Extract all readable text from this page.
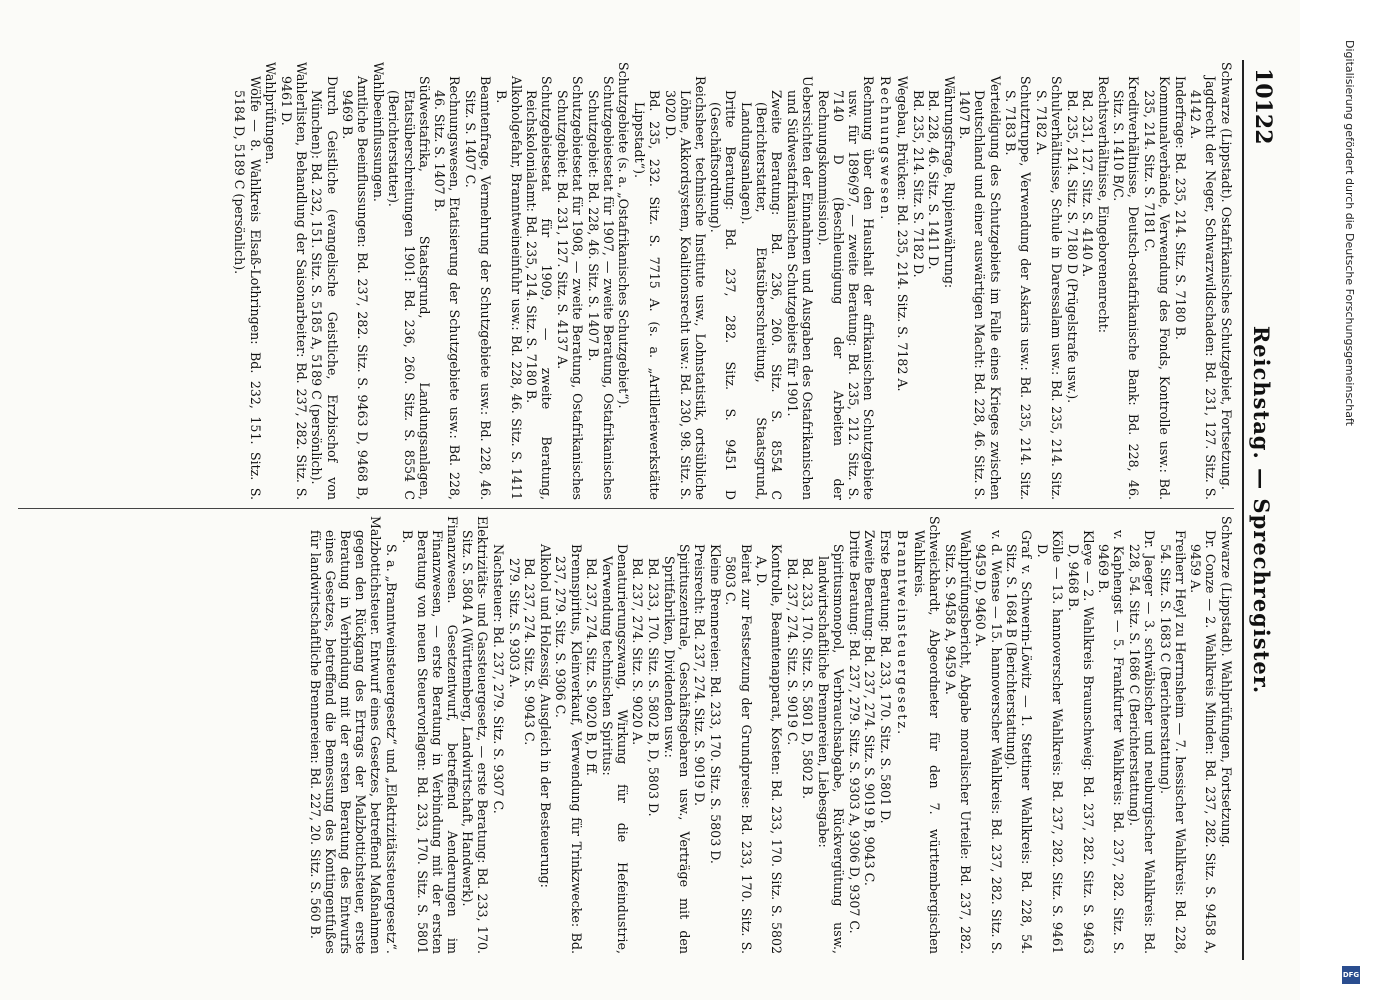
10122
Reichstag. — Sprechregister.
Schwarze (Lippstadt). Ostafrikanisches Schutzgebiet, Fortsetzung.
Jagdrecht der Neger, Schwarzwildschaden: Bd. 231, 127. Sitz. S. 4142 A.
Inderfrage: Bd. 235, 214. Sitz. S. 7180 B.
Kommunalverbände, Verwendung des Fonds, Kontrolle usw.: Bd. 235, 214. Sitz. S. 7181 C.
Kreditverhältnisse, Deutsch-ostafrikanische Bank: Bd. 228, 46. Sitz. S. 1410 B/C.
Rechtsverhältnisse, Eingeborenenrecht:
Bd. 231, 127. Sitz. S. 4140 A.
Bd. 235, 214. Sitz. S. 7180 D (Prügelstrafe usw.).
Schulverhältnisse, Schule in Daressalam usw.: Bd. 235, 214. Sitz. S. 7182 A.
Schutztruppe, Verwendung der Askaris usw.: Bd. 235, 214. Sitz. S. 7183 B.
Verteidigung des Schutzgebiets im Falle eines Krieges zwischen Deutschland und einer auswärtigen Macht: Bd. 228, 46. Sitz. S. 1407 B.
Währungsfrage, Rupienwährung:
Bd. 228, 46. Sitz. S. 1411 D.
Bd. 235, 214. Sitz. S. 7182 D.
Wegebau, Brücken: Bd. 235, 214. Sitz. S. 7182 A.
Rechnungswesen.
Rechnung über den Haushalt der afrikanischen Schutzgebiete usw. für 1896/97, — zweite Beratung: Bd. 235, 212. Sitz. S. 7140 D (Beschleunigung der Arbeiten der Rechnungskommission).
Uebersichten der Einnahmen und Ausgaben des Ostafrikanischen und Südwestafrikanischen Schutzgebiets für 1901.
Zweite Beratung: Bd. 236, 260. Sitz. S. 8554 C (Berichterstatter, Etatsüberschreitung, Staatsgrund, Landungsanlagen).
Dritte Beratung: Bd. 237, 282. Sitz. S. 9451 D (Geschäftsordnung).
Reichsheer, technische Institute usw., Lohnstatistik, ortsübliche Löhne, Akkordsystem, Koalitionsrecht usw.: Bd. 230, 98. Sitz. S. 3020 D.
Bd. 235, 232. Sitz. S. 7715 A. (s. a. „Artilleriewerkstätte Lippstadt“).
Schutzgebiete (s. a. „Ostafrikanisches Schutzgebiet“).
Schutzgebietsetat für 1907, — zweite Beratung, Ostafrikanisches Schutzgebiet: Bd. 228, 46. Sitz. S. 1407 B.
Schutzgebietsetat für 1908, — zweite Beratung, Ostafrikanisches Schutzgebiet: Bd. 231, 127. Sitz. S. 4137 A.
Schutzgebietsetat für 1909, — zweite Beratung, Reichskolonialamt: Bd. 235, 214. Sitz. S. 7180 B.
Alkoholgefahr, Branntweineinfuhr usw.: Bd. 228, 46. Sitz. S. 1411 B.
Beamtenfrage, Vermehrung der Schutzgebiete usw.: Bd. 228, 46. Sitz. S. 1407 C.
Rechnungswesen, Etatisierung der Schutzgebiete usw.: Bd. 228, 46. Sitz. S. 1407 B.
Südwestafrika, Staatsgrund, Landungsanlagen, Etatsüberschreitungen 1901: Bd. 236, 260. Sitz. S. 8554 C (Berichterstatter).
Wahlbeeinflussungen.
Amtliche Beeinflussungen: Bd. 237, 282. Sitz. S. 9463 D, 9468 B, 9469 B.
Durch Geistliche (evangelische Geistliche, Erzbischof von München): Bd. 232, 151. Sitz. S. 5185 A, 5189 C (persönlich).
Wahlerlisten, Behandlung der Saisonarbeiter: Bd. 237, 282. Sitz. S. 9461 D.
Wahlprüfungen.
Wölfe — 8. Wahlkreis Elsaß-Lothringen: Bd. 232, 151. Sitz. S. 5184 D, 5189 C (persönlich).
Schwarze (Lippstadt). Wahlprüfungen, Fortsetzung.
Dr. Conze — 2. Wahlkreis Minden: Bd. 237, 282. Sitz. S. 9458 A, 9459 A.
Freiherr Heyl zu Herrnsheim — 7. hessischer Wahlkreis: Bd. 228, 54. Sitz. S. 1683 C (Berichterstattung).
Dr. Jaeger — 3. schwäbischer und neuburgischer Wahlkreis: Bd. 228, 54. Sitz. S. 1686 C (Berichterstattung).
v. Kaphengst — 5. Frankfurter Wahlkreis: Bd. 237, 282. Sitz. S. 9469 B.
Kleye — 2. Wahlkreis Braunschweig: Bd. 237, 282. Sitz. S. 9463 D, 9468 B.
Kölle — 13. hannoverscher Wahlkreis: Bd. 237, 282. Sitz. S. 9461 D.
Graf v. Schwerin-Löwitz — 1. Stettiner Wahlkreis: Bd. 228, 54. Sitz. S. 1684 B (Berichterstattung).
v. d. Wense — 15. hannoverscher Wahlkreis: Bd. 237, 282. Sitz. S. 9459 D, 9460 A.
Wahlprüfungsbericht, Abgabe moralischer Urteile: Bd. 237, 282. Sitz. S. 9458 A, 9459 A.
Schweickhardt, Abgeordneter für den 7. württembergischen Wahlkreis.
Branntweinsteuergesetz.
Erste Beratung: Bd. 233, 170. Sitz. S. 5801 D.
Zweite Beratung: Bd. 237, 274. Sitz. S. 9019 B, 9043 C.
Dritte Beratung: Bd. 237, 279. Sitz. S. 9303 A, 9306 D, 9307 C.
Spiritusmonopol, Verbrauchsabgabe, Rückvergütung usw., landwirtschaftliche Brennereien, Liebesgabe:
Bd. 233, 170. Sitz. S. 5801 D, 5802 B.
Bd. 237, 274. Sitz. S. 9019 C.
Kontrolle, Beamtenapparat, Kosten: Bd. 233, 170. Sitz. S. 5802 A, D.
Beirat zur Festsetzung der Grundpreise: Bd. 233, 170. Sitz. S. 5803 C.
Kleine Brennereien: Bd. 233, 170. Sitz. S. 5803 D.
Preisrecht: Bd. 237, 274. Sitz. S. 9019 D.
Spirituszentrale, Geschäftsgebaren usw., Verträge mit den Spritfabriken, Dividenden usw.:
Bd. 233, 170. Sitz. S. 5802 B, D, 5803 D.
Bd. 237, 274. Sitz. S. 9020 A.
Denaturierungszwang, Wirkung für die Hefeindustrie, Verwendung technischen Spiritus:
Bd. 237, 274. Sitz. S. 9020 B, D ff.
Brennspiritus, Kleinverkauf, Verwendung für Trinkzwecke: Bd. 237, 279. Sitz. S. 9306 C.
Alkohol und Holzessig, Ausgleich in der Besteuerung:
Bd. 237, 274. Sitz. S. 9043 C.
279. Sitz. S. 9303 A.
Nachsteuer: Bd. 237, 279. Sitz. S. 9307 C.
Elektrizitäts- und Gassteuergesetz, — erste Beratung: Bd. 233, 170. Sitz. S. 5804 A (Württemberg, Landwirtschaft, Handwerk).
Finanzwesen. Gesetzentwurf, betreffend Aenderungen im Finanzwesen, — erste Beratung in Verbindung mit der ersten Beratung von neuen Steuervorlagen: Bd. 233, 170. Sitz. S. 5801 B.
S. a. „Branntweinsteuergesetz“ und „Elektrizitätssteuergesetz“.
Malzbottichsteuer. Entwurf eines Gesetzes, betreffend Maßnahmen gegen den Rückgang des Ertrags der Malzbottichsteuer, erste Beratung in Verbindung mit der ersten Beratung des Entwurfs eines Gesetzes, betreffend die Bemessung des Kontingentfußes für landwirtschaftliche Brennereien: Bd. 227, 20. Sitz. S. 560 B.
Digitalisierung gefördert durch die Deutsche Forschungsgemeinschaft
DFG
